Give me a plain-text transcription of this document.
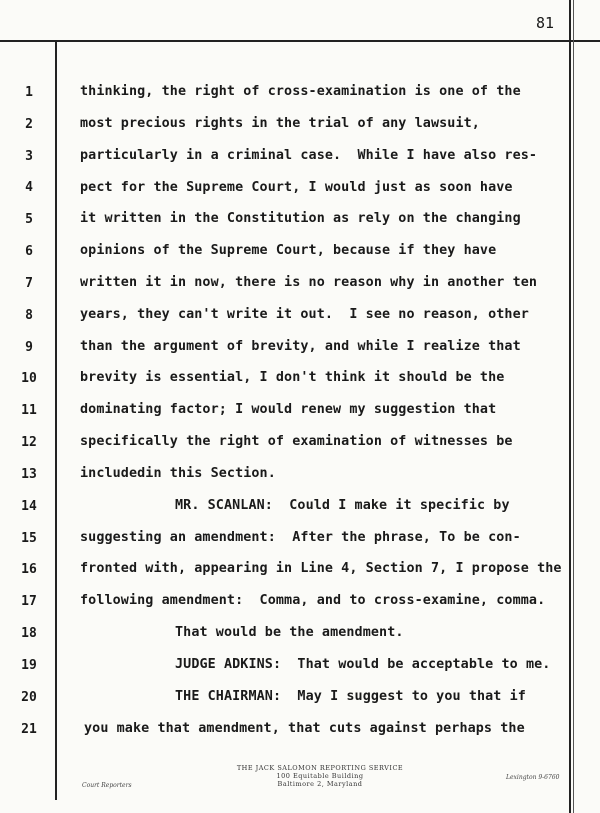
81
1
2
3
4
5
6
7
8
9
10
11
12
13
14
15
16
17
18
19
20
21
thinking, the right of cross-examination is one of the
most precious rights in the trial of any lawsuit,
particularly in a criminal case.  While I have also res-
pect for the Supreme Court, I would just as soon have
it written in the Constitution as rely on the changing
opinions of the Supreme Court, because if they have
written it in now, there is no reason why in another ten
years, they can't write it out.  I see no reason, other
than the argument of brevity, and while I realize that
brevity is essential, I don't think it should be the
dominating factor; I would renew my suggestion that
specifically the right of examination of witnesses be
includedin this Section.
MR. SCANLAN:  Could I make it specific by
suggesting an amendment:  After the phrase, To be con-
fronted with, appearing in Line 4, Section 7, I propose the
following amendment:  Comma, and to cross-examine, comma.
That would be the amendment.
JUDGE ADKINS:  That would be acceptable to me.
THE CHAIRMAN:  May I suggest to you that if
you make that amendment, that cuts against perhaps the
THE JACK SALOMON REPORTING SERVICE
100 Equitable Building
Baltimore 2, Maryland
Court Reporters
Lexington 9-6760
